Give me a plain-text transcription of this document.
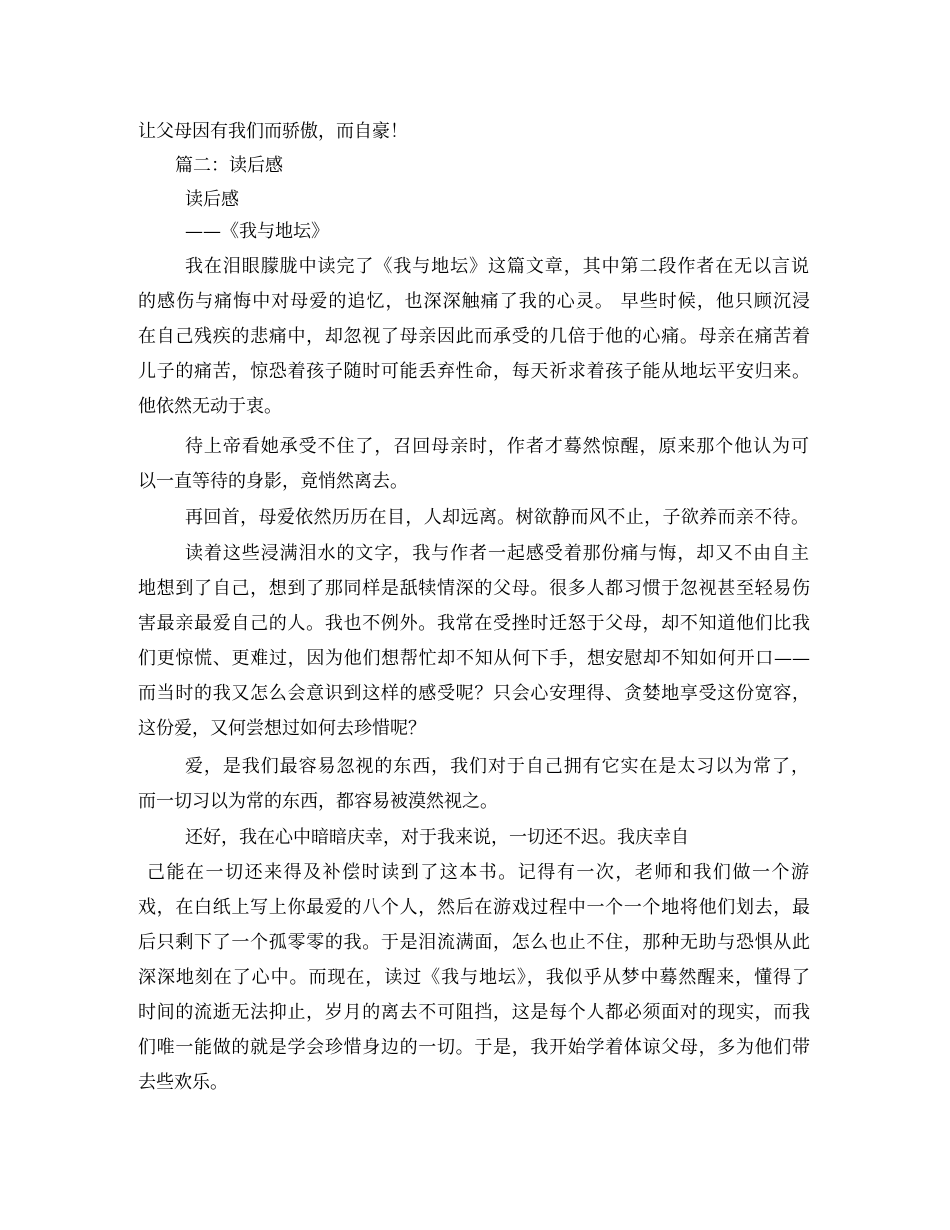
让父母因有我们而骄傲，而自豪！
篇二：读后感
读后感
——《我与地坛》
我在泪眼朦胧中读完了《我与地坛》这篇文章，其中第二段作者在无以言说
的感伤与痛悔中对母爱的追忆，也深深触痛了我的心灵。 早些时候，他只顾沉浸
在自己残疾的悲痛中，却忽视了母亲因此而承受的几倍于他的心痛。母亲在痛苦着
儿子的痛苦，惊恐着孩子随时可能丢弃性命，每天祈求着孩子能从地坛平安归来。
他依然无动于衷。
待上帝看她承受不住了，召回母亲时，作者才蓦然惊醒，原来那个他认为可
以一直等待的身影，竟悄然离去。
再回首，母爱依然历历在目，人却远离。树欲静而风不止，子欲养而亲不待。
读着这些浸满泪水的文字，我与作者一起感受着那份痛与悔，却又不由自主
地想到了自己，想到了那同样是舐犊情深的父母。很多人都习惯于忽视甚至轻易伤
害最亲最爱自己的人。我也不例外。我常在受挫时迁怒于父母，却不知道他们比我
们更惊慌、更难过，因为他们想帮忙却不知从何下手，想安慰却不知如何开口——
而当时的我又怎么会意识到这样的感受呢？只会心安理得、贪婪地享受这份宽容，
这份爱，又何尝想过如何去珍惜呢？
爱，是我们最容易忽视的东西，我们对于自己拥有它实在是太习以为常了，
而一切习以为常的东西，都容易被漠然视之。
还好，我在心中暗暗庆幸，对于我来说，一切还不迟。我庆幸自
己能在一切还来得及补偿时读到了这本书。记得有一次，老师和我们做一个游
戏，在白纸上写上你最爱的八个人，然后在游戏过程中一个一个地将他们划去，最
后只剩下了一个孤零零的我。于是泪流满面，怎么也止不住，那种无助与恐惧从此
深深地刻在了心中。而现在，读过《我与地坛》，我似乎从梦中蓦然醒来，懂得了
时间的流逝无法抑止，岁月的离去不可阻挡，这是每个人都必须面对的现实，而我
们唯一能做的就是学会珍惜身边的一切。于是，我开始学着体谅父母，多为他们带
去些欢乐。
